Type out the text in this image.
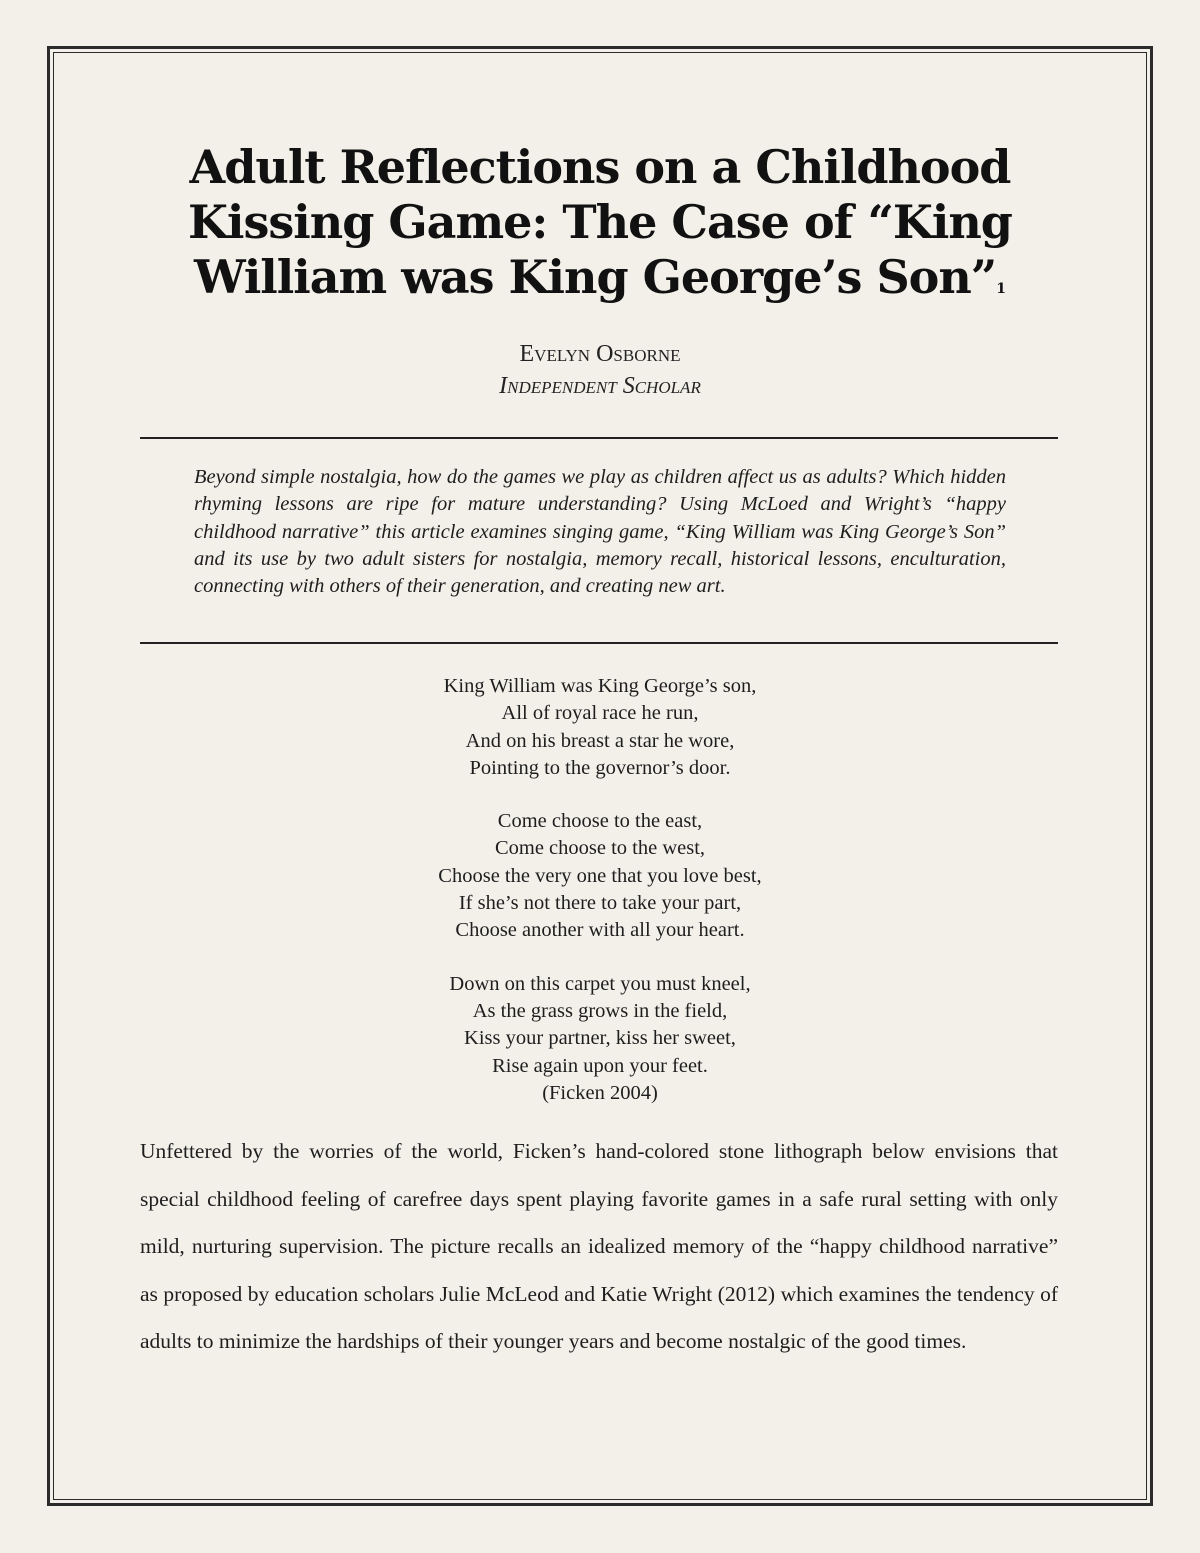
Adult Reflections on a Childhood Kissing Game: The Case of “King William was King George’s Son”1
Evelyn Osborne
Independent Scholar

Beyond simple nostalgia, how do the games we play as children affect us as adults? Which hidden rhyming lessons are ripe for mature understanding? Using McLoed and Wright’s “happy childhood narrative” this article examines singing game, “King William was King George’s Son” and its use by two adult sisters for nostalgia, memory recall, historical lessons, enculturation, connecting with others of their generation, and creating new art.

King William was King George’s son,
All of royal race he run,
And on his breast a star he wore,
Pointing to the governor’s door.
Come choose to the east,
Come choose to the west,
Choose the very one that you love best,
If she’s not there to take your part,
Choose another with all your heart.
Down on this carpet you must kneel,
As the grass grows in the field,
Kiss your partner, kiss her sweet,
Rise again upon your feet.
(Ficken 2004)

Unfettered by the worries of the world, Ficken’s hand-colored stone lithograph below envisions that special childhood feeling of carefree days spent playing favorite games in a safe rural setting with only mild, nurturing supervision. The picture recalls an idealized memory of the “happy childhood narrative” as proposed by education scholars Julie McLeod and Katie Wright (2012) which examines the tendency of adults to minimize the hardships of their younger years and become nostalgic of the good times.
